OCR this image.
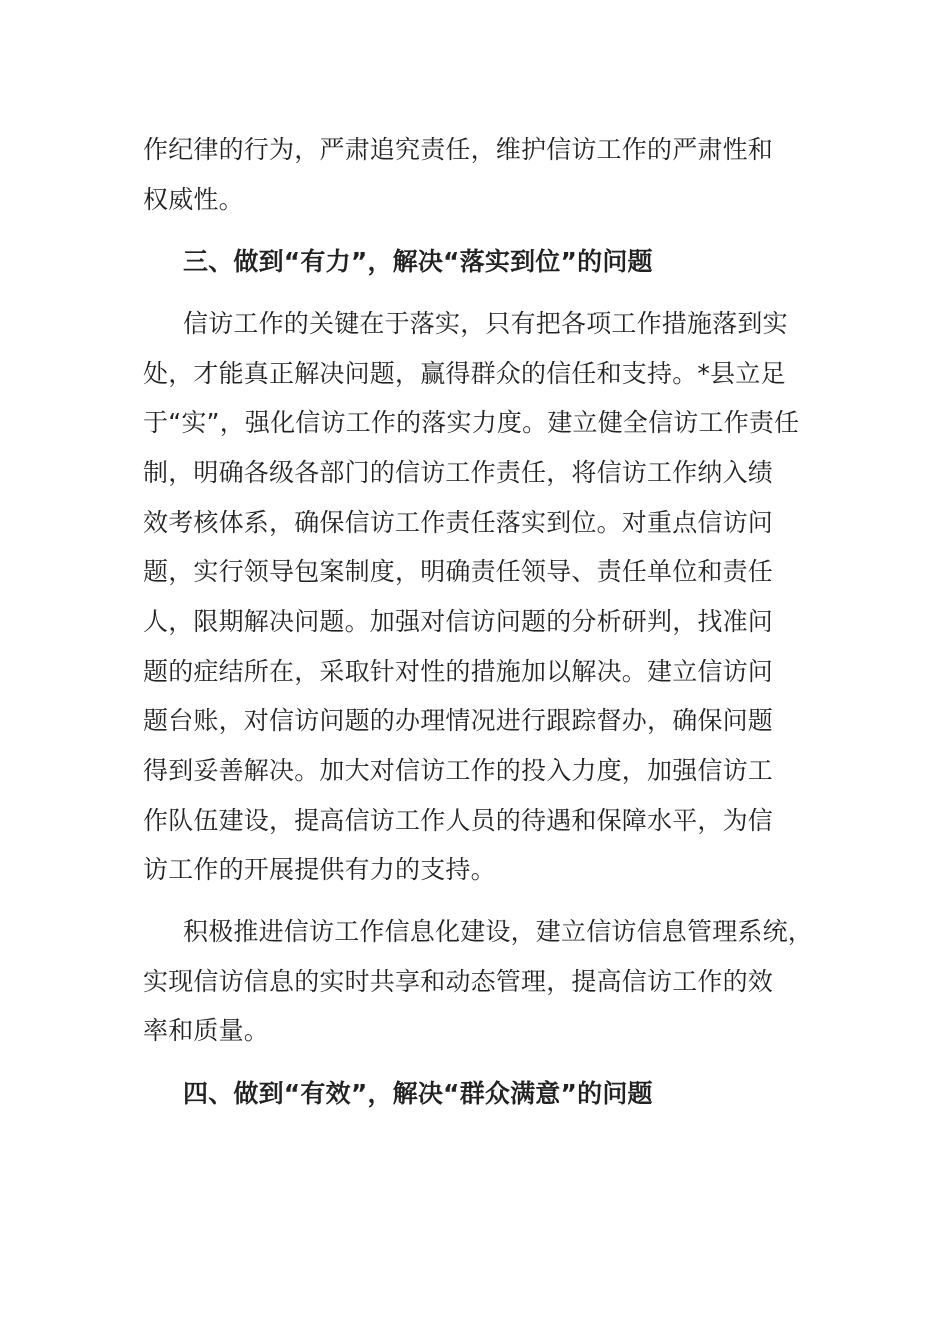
作纪律的行为，严肃追究责任，维护信访工作的严肃性和
权威性。
三、做到“有力”，解决“落实到位”的问题
信访工作的关键在于落实，只有把各项工作措施落到实
处，才能真正解决问题，赢得群众的信任和支持。*县立足
于“实”，强化信访工作的落实力度。建立健全信访工作责任
制，明确各级各部门的信访工作责任，将信访工作纳入绩
效考核体系，确保信访工作责任落实到位。对重点信访问
题，实行领导包案制度，明确责任领导、责任单位和责任
人，限期解决问题。加强对信访问题的分析研判，找准问
题的症结所在，采取针对性的措施加以解决。建立信访问
题台账，对信访问题的办理情况进行跟踪督办，确保问题
得到妥善解决。加大对信访工作的投入力度，加强信访工
作队伍建设，提高信访工作人员的待遇和保障水平，为信
访工作的开展提供有力的支持。
积极推进信访工作信息化建设，建立信访信息管理系统，
实现信访信息的实时共享和动态管理，提高信访工作的效
率和质量。
四、做到“有效”，解决“群众满意”的问题
